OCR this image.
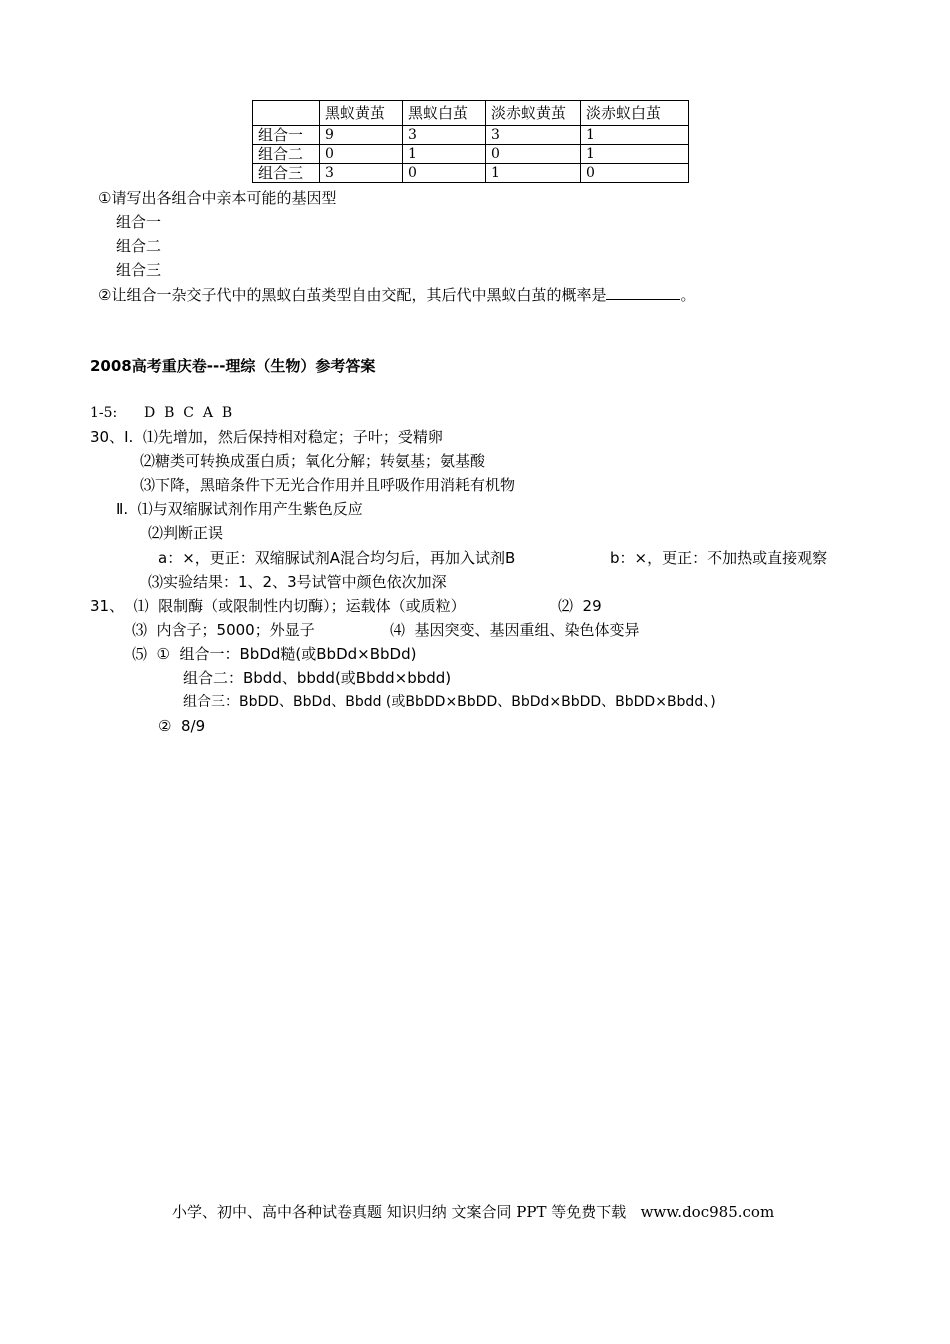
	黑蚁黄茧	黑蚁白茧	淡赤蚁黄茧	淡赤蚁白茧
组合一	9	3	3	1
组合二	0	1	0	1
组合三	3	0	1	0
①请写出各组合中亲本可能的基因型
组合一
组合二
组合三
②让组合一杂交子代中的黑蚁白茧类型自由交配，其后代中黑蚁白茧的概率是	。
2008高考重庆卷---理综（生物）参考答案
1-5:      D  B  C  A  B
30、Ⅰ.  ⑴先增加，然后保持相对稳定；子叶；受精卵
⑵糖类可转换成蛋白质；氧化分解；转氨基；氨基酸
⑶下降，黑暗条件下无光合作用并且呼吸作用消耗有机物
Ⅱ.  ⑴与双缩脲试剂作用产生紫色反应
⑵判断正误
a：×，更正：双缩脲试剂A混合均匀后，再加入试剂B	b：×，更正：不加热或直接观察
⑶实验结果：1、2、3号试管中颜色依次加深
31、  ⑴  限制酶（或限制性内切酶）；运载体（或质粒）	⑵  29
⑶  内含子；5000；外显子	⑷  基因突变、基因重组、染色体变异
⑸  ①  组合一：BbDd糙(或BbDd×BbDd)
组合二：Bbdd、bbdd(或Bbdd×bbdd)
组合三：BbDD、BbDd、Bbdd (或BbDD×BbDD、BbDd×BbDD、BbDD×Bbdd、)
②  8/9
小学、初中、高中各种试卷真题 知识归纳 文案合同 PPT 等免费下载   www.doc985.com
